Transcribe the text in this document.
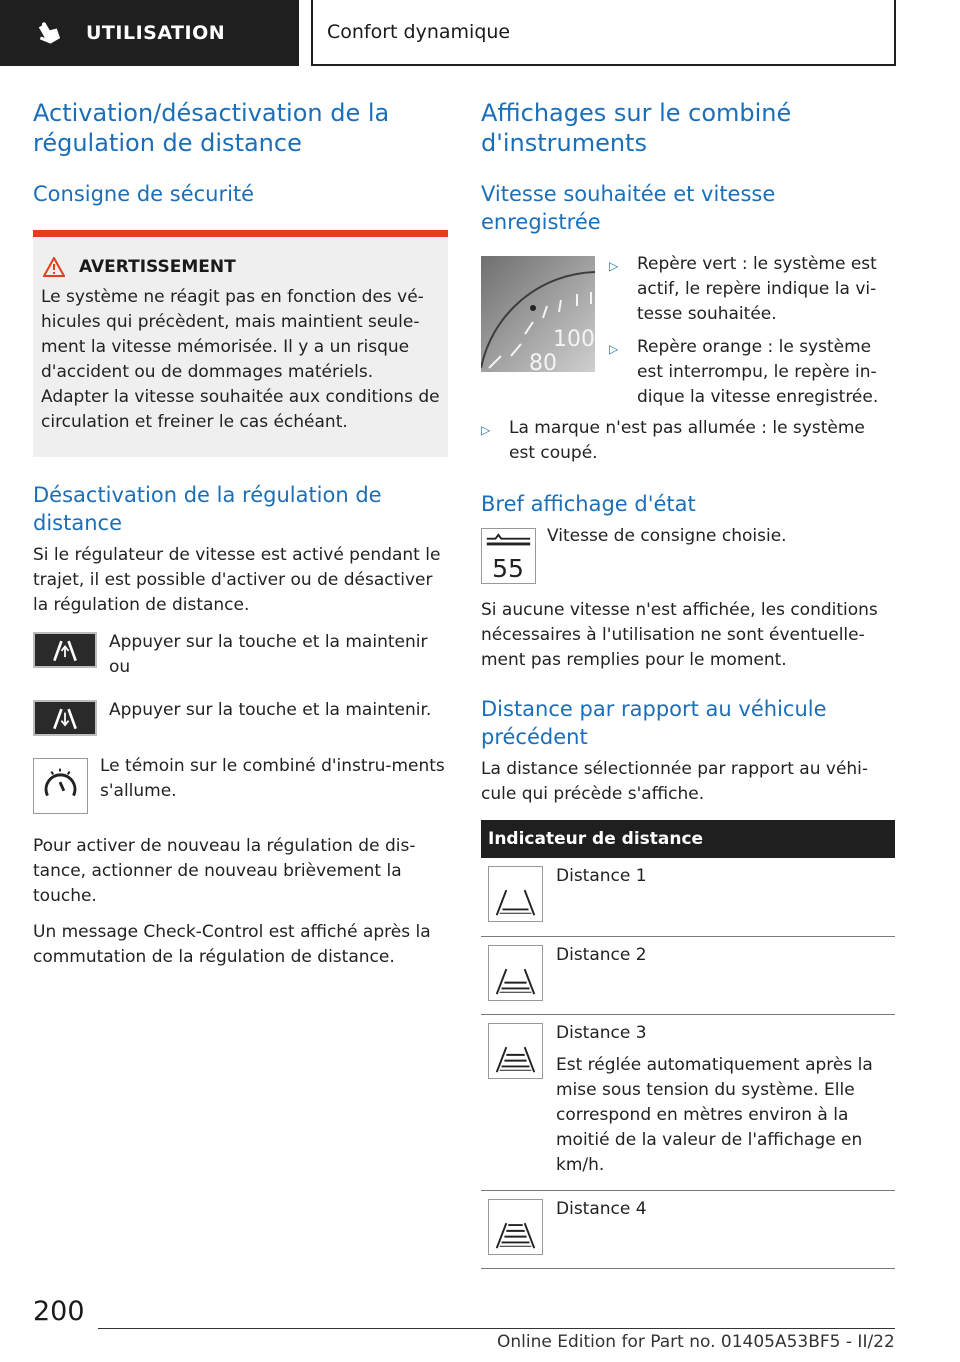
UTILISATION	Confort dynamique
Activation/désactivation de la régulation de distance
Consigne de sécurité
AVERTISSEMENT
Le système ne réagit pas en fonction des vé-hicules qui précèdent, mais maintient seule-ment la vitesse mémorisée. Il y a un risque d'accident ou de dommages matériels. Adapter la vitesse souhaitée aux conditions de circulation et freiner le cas échéant.
Désactivation de la régulation de distance
Si le régulateur de vitesse est activé pendant le trajet, il est possible d'activer ou de désactiver la régulation de distance.
Appuyer sur la touche et la maintenir ou
Appuyer sur la touche et la maintenir.
Le témoin sur le combiné d'instru-ments s'allume.
Pour activer de nouveau la régulation de dis-tance, actionner de nouveau brièvement la touche.
Un message Check-Control est affiché après la commutation de la régulation de distance.
Affichages sur le combiné d'instruments
Vitesse souhaitée et vitesse enregistrée
100
80
▷	Repère vert : le système est actif, le repère indique la vi-tesse souhaitée.
▷	Repère orange : le système est interrompu, le repère in-dique la vitesse enregistrée.
▷	La marque n'est pas allumée : le système est coupé.
Bref affichage d'état
55
Vitesse de consigne choisie.
Si aucune vitesse n'est affichée, les conditions nécessaires à l'utilisation ne sont éventuelle-ment pas remplies pour le moment.
Distance par rapport au véhicule précédent
La distance sélectionnée par rapport au véhi-cule qui précède s'affiche.
Indicateur de distance	

Distance 1

Distance 2

Distance 3
Est réglée automatiquement après la mise sous tension du système. Elle correspond en mètres environ à la moitié de la valeur de l'affichage en km/h.

Distance 4
200
Online Edition for Part no. 01405A53BF5 - II/22
